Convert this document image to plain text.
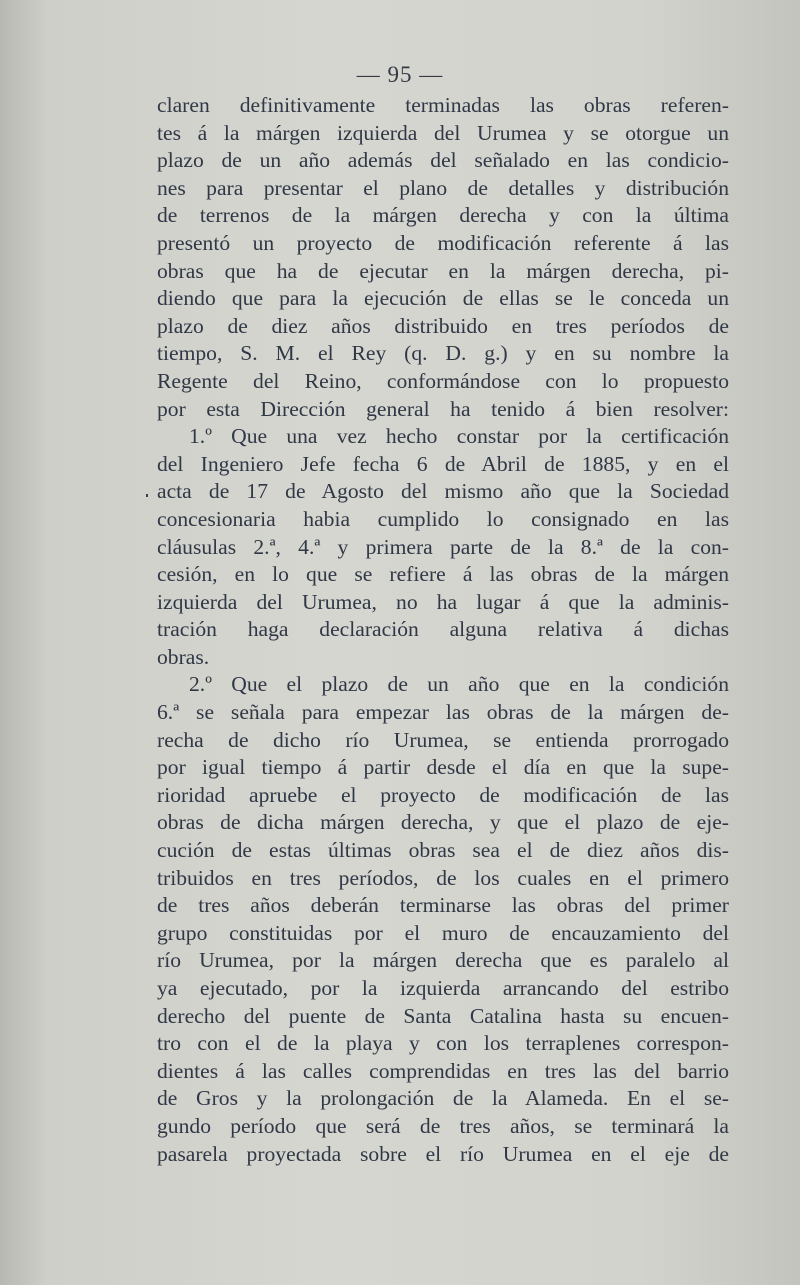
— 95 —
claren definitivamente terminadas las obras referen-
tes á la márgen izquierda del Urumea y se otorgue un
plazo de un año además del señalado en las condicio-
nes para presentar el plano de detalles y distribución
de terrenos de la márgen derecha y con la última
presentó un proyecto de modificación referente á las
obras que ha de ejecutar en la márgen derecha, pi-
diendo que para la ejecución de ellas se le conceda un
plazo de diez años distribuido en tres períodos de
tiempo, S. M. el Rey (q. D. g.) y en su nombre la
Regente del Reino, conformándose con lo propuesto
por esta Dirección general ha tenido á bien resolver:
1.º Que una vez hecho constar por la certificación
del Ingeniero Jefe fecha 6 de Abril de 1885, y en el
acta de 17 de Agosto del mismo año que la Sociedad
concesionaria habia cumplido lo consignado en las
cláusulas 2.ª, 4.ª y primera parte de la 8.ª de la con-
cesión, en lo que se refiere á las obras de la márgen
izquierda del Urumea, no ha lugar á que la adminis-
tración haga declaración alguna relativa á dichas
obras.
2.º Que el plazo de un año que en la condición
6.ª se señala para empezar las obras de la márgen de-
recha de dicho río Urumea, se entienda prorrogado
por igual tiempo á partir desde el día en que la supe-
rioridad apruebe el proyecto de modificación de las
obras de dicha márgen derecha, y que el plazo de eje-
cución de estas últimas obras sea el de diez años dis-
tribuidos en tres períodos, de los cuales en el primero
de tres años deberán terminarse las obras del primer
grupo constituidas por el muro de encauzamiento del
río Urumea, por la márgen derecha que es paralelo al
ya ejecutado, por la izquierda arrancando del estribo
derecho del puente de Santa Catalina hasta su encuen-
tro con el de la playa y con los terraplenes correspon-
dientes á las calles comprendidas en tres las del barrio
de Gros y la prolongación de la Alameda. En el se-
gundo período que será de tres años, se terminará la
pasarela proyectada sobre el río Urumea en el eje de
